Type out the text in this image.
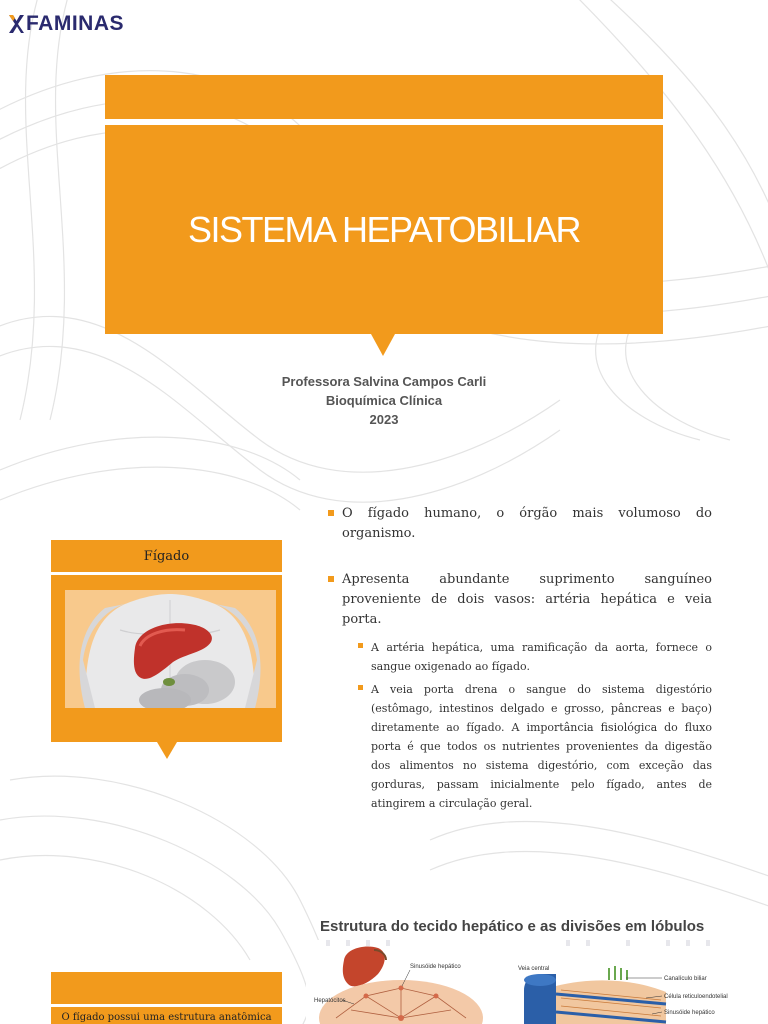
FAMINAS
SISTEMA HEPATOBILIAR
Professora Salvina Campos Carli
Bioquímica Clínica
2023
Fígado
O fígado humano, o órgão mais volumoso do organismo.
Apresenta abundante suprimento sanguíneo proveniente de dois vasos: artéria hepática e veia porta.
A artéria hepática, uma ramificação da aorta, fornece o sangue oxigenado ao fígado.
A veia porta drena o sangue do sistema digestório (estômago, intestinos delgado e grosso, pâncreas e baço) diretamente ao fígado. A importância fisiológica do fluxo porta é que todos os nutrientes provenientes da digestão dos alimentos no sistema digestório, com exceção das gorduras, passam inicialmente pelo fígado, antes de atingirem a circulação geral.
Estrutura do tecido hepático e as divisões em lóbulos
Sinusóide hepático
Hepatócitos
Veia central
Canalículo biliar
Célula reticuloendotelial
Sinusóide hepático
O fígado possui uma estrutura anatômica
